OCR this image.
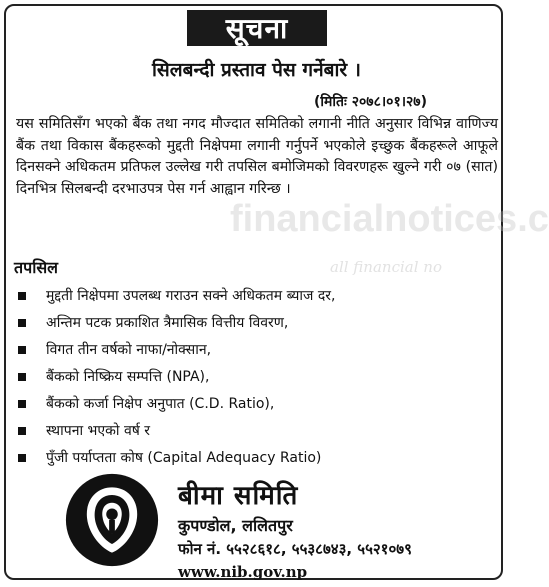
सूचना
सिलबन्दी प्रस्ताव पेस गर्नेबारे ।
(मितिः २०७८।०१।२७)

यस समितिसँग भएको बैंक तथा नगद मौज्दात समितिको लगानी नीति अनुसार विभिन्न वाणिज्य बैंक तथा विकास बैंकहरूको मुद्दती निक्षेपमा लगानी गर्नुपर्ने भएकोले इच्छुक बैंकहरूले आफूले दिनसक्ने अधिकतम प्रतिफल उल्लेख गरी तपसिल बमोजिमको विवरणहरू खुल्ने गरी ०७ (सात) दिनभित्र सिलबन्दी दरभाउपत्र पेस गर्न आह्वान गरिन्छ ।

financialnotices.c
all financial no
तपसिल
मुद्दती निक्षेपमा उपलब्ध गराउन सक्ने अधिकतम ब्याज दर,
अन्तिम पटक प्रकाशित त्रैमासिक वित्तीय विवरण,
विगत तीन वर्षको नाफा/नोक्सान,
बैंकको निष्क्रिय सम्पत्ति (NPA),
बैंकको कर्जा निक्षेप अनुपात (C.D. Ratio),
स्थापना भएको वर्ष र
पुँजी पर्याप्तता कोष (Capital Adequacy Ratio)
बीमा समिति
कुपण्डोल, ललितपुर
फोन नं. ५५२८६१८, ५५३८७४३, ५५२१०७९
www.nib.gov.np
